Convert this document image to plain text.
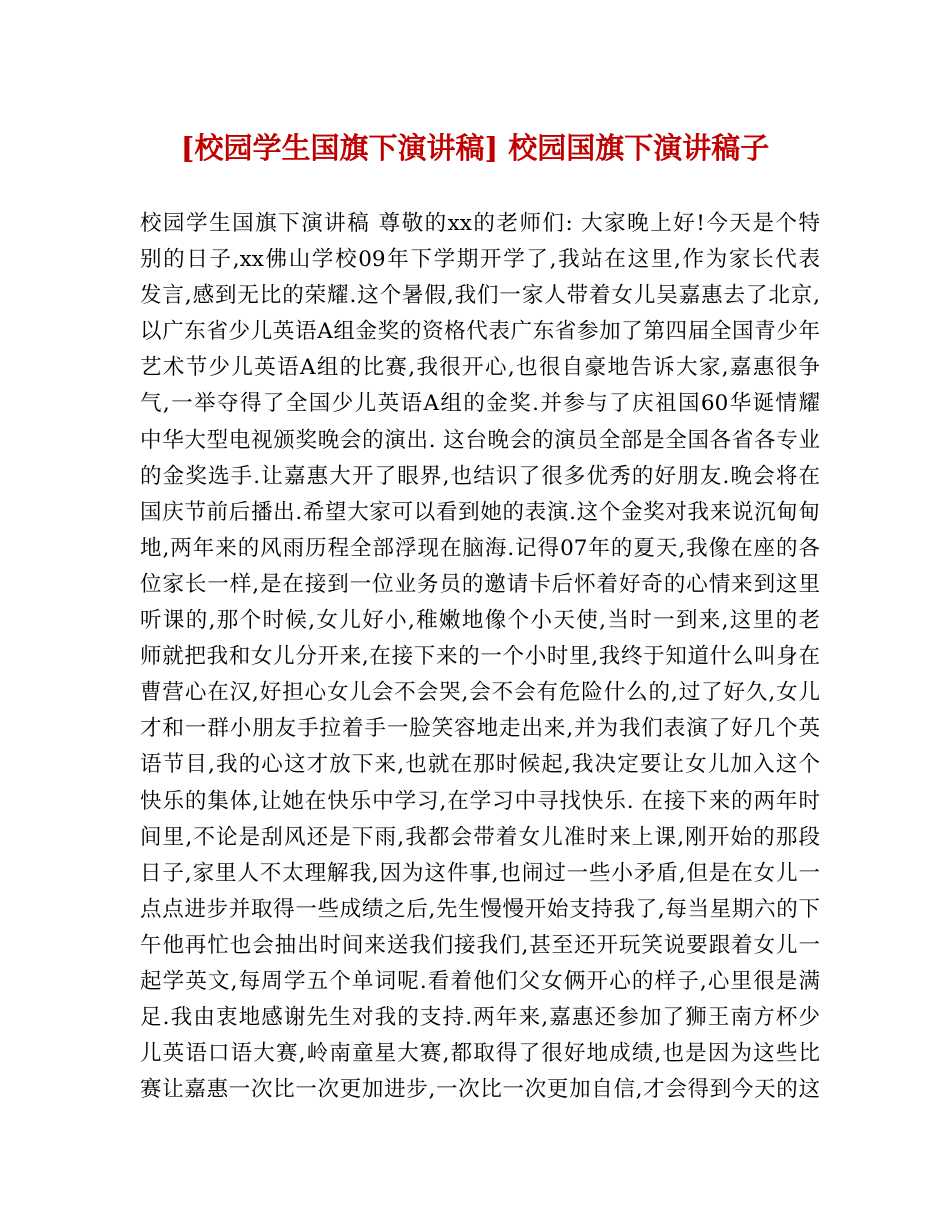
[校园学生国旗下演讲稿] 校园国旗下演讲稿子
校园学生国旗下演讲稿 尊敬的xx的老师们: 大家晚上好!今天是个特
别的日子,xx佛山学校09年下学期开学了,我站在这里,作为家长代表
发言,感到无比的荣耀.这个暑假,我们一家人带着女儿吴嘉惠去了北京,
以广东省少儿英语A组金奖的资格代表广东省参加了第四届全国青少年
艺术节少儿英语A组的比赛,我很开心,也很自豪地告诉大家,嘉惠很争
气,一举夺得了全国少儿英语A组的金奖.并参与了庆祖国60华诞情耀
中华大型电视颁奖晚会的演出. 这台晚会的演员全部是全国各省各专业
的金奖选手.让嘉惠大开了眼界,也结识了很多优秀的好朋友.晚会将在
国庆节前后播出.希望大家可以看到她的表演.这个金奖对我来说沉甸甸
地,两年来的风雨历程全部浮现在脑海.记得07年的夏天,我像在座的各
位家长一样,是在接到一位业务员的邀请卡后怀着好奇的心情来到这里
听课的,那个时候,女儿好小,稚嫩地像个小天使,当时一到来,这里的老
师就把我和女儿分开来,在接下来的一个小时里,我终于知道什么叫身在
曹营心在汉,好担心女儿会不会哭,会不会有危险什么的,过了好久,女儿
才和一群小朋友手拉着手一脸笑容地走出来,并为我们表演了好几个英
语节目,我的心这才放下来,也就在那时候起,我决定要让女儿加入这个
快乐的集体,让她在快乐中学习,在学习中寻找快乐. 在接下来的两年时
间里,不论是刮风还是下雨,我都会带着女儿准时来上课,刚开始的那段
日子,家里人不太理解我,因为这件事,也闹过一些小矛盾,但是在女儿一
点点进步并取得一些成绩之后,先生慢慢开始支持我了,每当星期六的下
午他再忙也会抽出时间来送我们接我们,甚至还开玩笑说要跟着女儿一
起学英文,每周学五个单词呢.看着他们父女俩开心的样子,心里很是满
足.我由衷地感谢先生对我的支持.两年来,嘉惠还参加了狮王南方杯少
儿英语口语大赛,岭南童星大赛,都取得了很好地成绩,也是因为这些比
赛让嘉惠一次比一次更加进步,一次比一次更加自信,才会得到今天的这
